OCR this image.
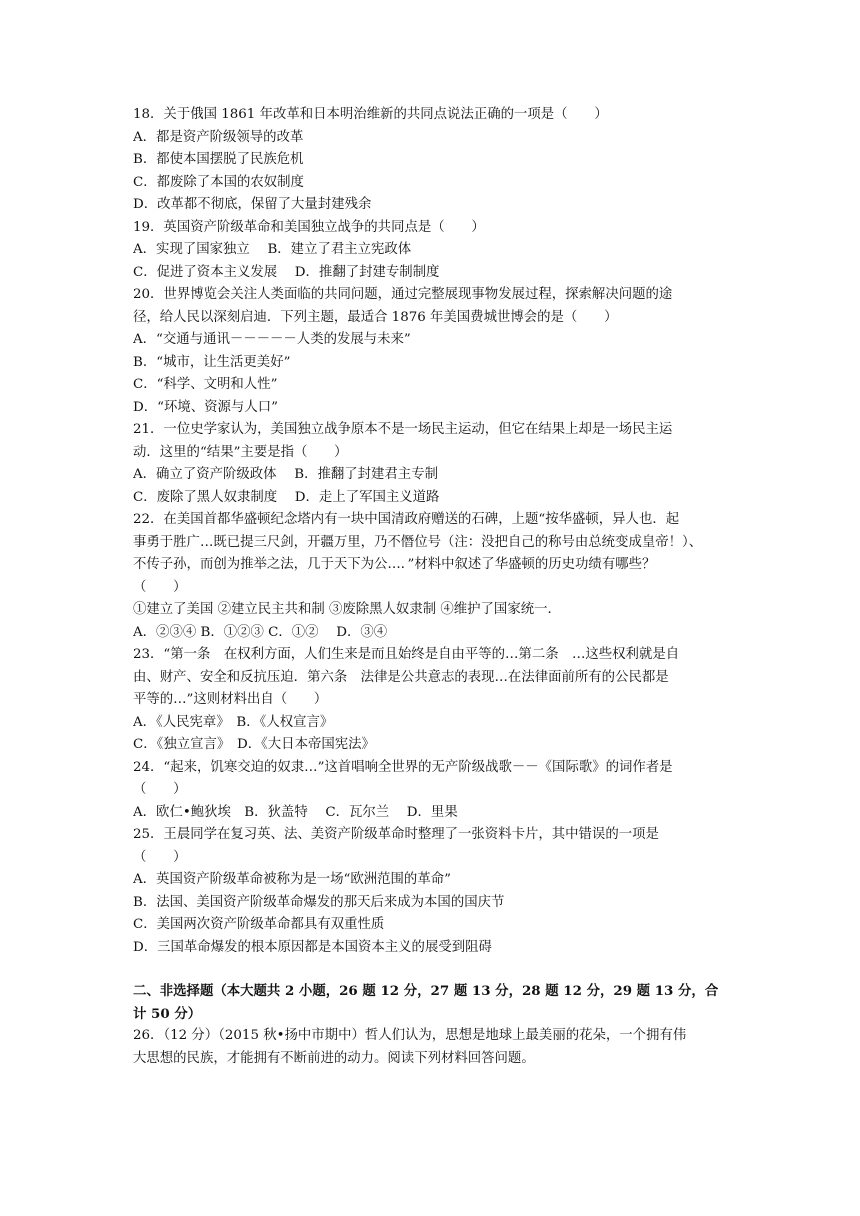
18．关于俄国 1861 年改革和日本明治维新的共同点说法正确的一项是（　　）
A．都是资产阶级领导的改革
B．都使本国摆脱了民族危机
C．都废除了本国的农奴制度
D．改革都不彻底，保留了大量封建残余
19．英国资产阶级革命和美国独立战争的共同点是（　　）
A．实现了国家独立　 B．建立了君主立宪政体
C．促进了资本主义发展　 D．推翻了封建专制制度
20．世界博览会关注人类面临的共同问题，通过完整展现事物发展过程，探索解决问题的途
径，给人民以深刻启迪．下列主题，最适合 1876 年美国费城世博会的是（　　）
A．“交通与通讯－－－－－人类的发展与未来”
B．“城市，让生活更美好”
C．“科学、文明和人性”
D．“环境、资源与人口”
21．一位史学家认为，美国独立战争原本不是一场民主运动，但它在结果上却是一场民主运
动．这里的“结果”主要是指（　　）
A．确立了资产阶级政体　 B．推翻了封建君主专制
C．废除了黑人奴隶制度　 D．走上了军国主义道路
22．在美国首都华盛顿纪念塔内有一块中国清政府赠送的石碑，上题“按华盛顿，异人也．起
事勇于胜广…既已提三尺剑，开疆万里，乃不僭位号（注：没把自己的称号由总统变成皇帝！）、
不传子孙，而创为推举之法，几于天下为公…．”材料中叙述了华盛顿的历史功绩有哪些？
（　　）
①建立了美国 ②建立民主共和制 ③废除黑人奴隶制 ④维护了国家统一．
A．②③④ B．①②③ C．①②　 D．③④
23．“第一条　在权利方面，人们生来是而且始终是自由平等的…第二条　…这些权利就是自
由、财产、安全和反抗压迫．第六条　法律是公共意志的表现…在法律面前所有的公民都是
平等的…”这则材料出自（　　）
A．《人民宪章》　B．《人权宣言》
C．《独立宣言》　D．《大日本帝国宪法》
24．“起来，饥寒交迫的奴隶…”这首唱响全世界的无产阶级战歌－－《国际歌》的词作者是
（　　）
A．欧仁•鲍狄埃　B．狄盖特　 C．瓦尔兰　 D．里果
25．王晨同学在复习英、法、美资产阶级革命时整理了一张资料卡片，其中错误的一项是
（　　）
A．英国资产阶级革命被称为是一场“欧洲范围的革命”
B．法国、美国资产阶级革命爆发的那天后来成为本国的国庆节
C．美国两次资产阶级革命都具有双重性质
D．三国革命爆发的根本原因都是本国资本主义的展受到阻碍
二、非选择题（本大题共 2 小题，26 题 12 分，27 题 13 分，28 题 12 分，29 题 13 分，合
计 50 分）
26．（12 分）（2015 秋•扬中市期中）哲人们认为，思想是地球上最美丽的花朵，一个拥有伟
大思想的民族，才能拥有不断前进的动力。阅读下列材料回答问题。
